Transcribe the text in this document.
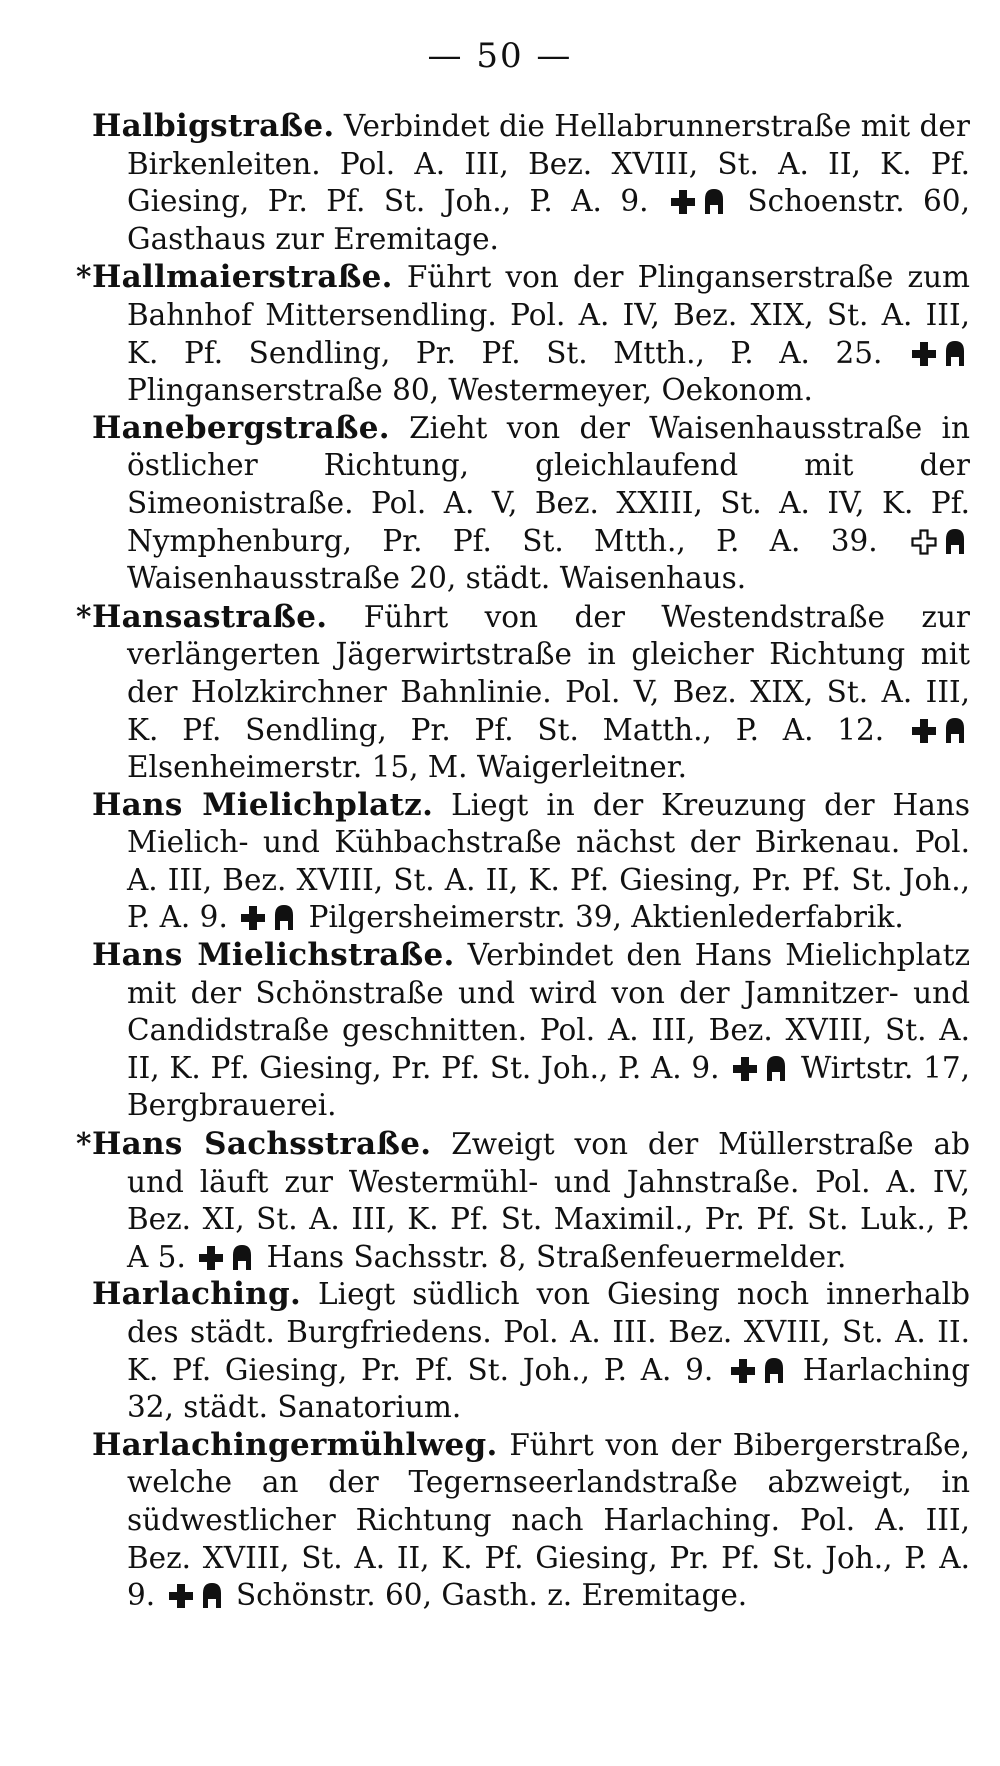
— 50 —

Halbigstraße. Verbindet die Hellabrunnerstraße mit der Birkenleiten. Pol. A. III, Bez. XVIII, St. A. II, K. Pf. Giesing, Pr. Pf. St. Joh., P. A. 9.	Schoenstr. 60, Gasthaus zur Eremitage.

*Hallmaierstraße. Führt von der Plinganserstraße zum Bahnhof Mittersendling. Pol. A. IV, Bez. XIX, St. A. III, K. Pf. Sendling, Pr. Pf. St. Mtth., P. A. 25.
Plinganserstraße 80, Westermeyer, Oekonom.

Hanebergstraße. Zieht von der Waisenhausstraße in östlicher Richtung, gleichlaufend mit der Simeonistraße. Pol. A. V, Bez. XXIII, St. A. IV, K. Pf. Nymphenburg, Pr. Pf. St. Mtth., P. A. 39.
Waisenhausstraße 20, städt. Waisenhaus.

*Hansastraße. Führt von der Westendstraße zur verlängerten Jägerwirtstraße in gleicher Richtung mit der Holzkirchner Bahnlinie. Pol. V, Bez. XIX, St. A. III, K. Pf. Sendling, Pr. Pf. St. Matth., P. A. 12.
Elsenheimerstr. 15, M. Waigerleitner.

Hans Mielichplatz. Liegt in der Kreuzung der Hans Mielich- und Kühbachstraße nächst der Birkenau. Pol. A. III, Bez. XVIII, St. A. II, K. Pf. Giesing, Pr. Pf. St. Joh., P. A. 9.	Pilgersheimerstr. 39, Aktienlederfabrik.

Hans Mielichstraße. Verbindet den Hans Mielichplatz mit der Schönstraße und wird von der Jamnitzer- und Candidstraße geschnitten. Pol. A. III, Bez. XVIII, St. A. II, K. Pf. Giesing, Pr. Pf. St. Joh., P. A. 9.	Wirtstr. 17, Bergbrauerei.

*Hans Sachsstraße. Zweigt von der Müllerstraße ab und läuft zur Westermühl- und Jahnstraße. Pol. A. IV, Bez. XI, St. A. III, K. Pf. St. Maximil., Pr. Pf. St. Luk., P. A 5.	Hans Sachsstr. 8, Straßenfeuermelder.

Harlaching. Liegt südlich von Giesing noch innerhalb des städt. Burgfriedens. Pol. A. III. Bez. XVIII, St. A. II. K. Pf. Giesing, Pr. Pf. St. Joh., P. A. 9.	Harlaching 32, städt. Sanatorium.

Harlachingermühlweg. Führt von der Bibergerstraße, welche an der Tegernseerlandstraße abzweigt, in südwestlicher Richtung nach Harlaching. Pol. A. III, Bez. XVIII, St. A. II, K. Pf. Giesing, Pr. Pf. St. Joh., P. A. 9.	Schönstr. 60, Gasth. z. Eremitage.
